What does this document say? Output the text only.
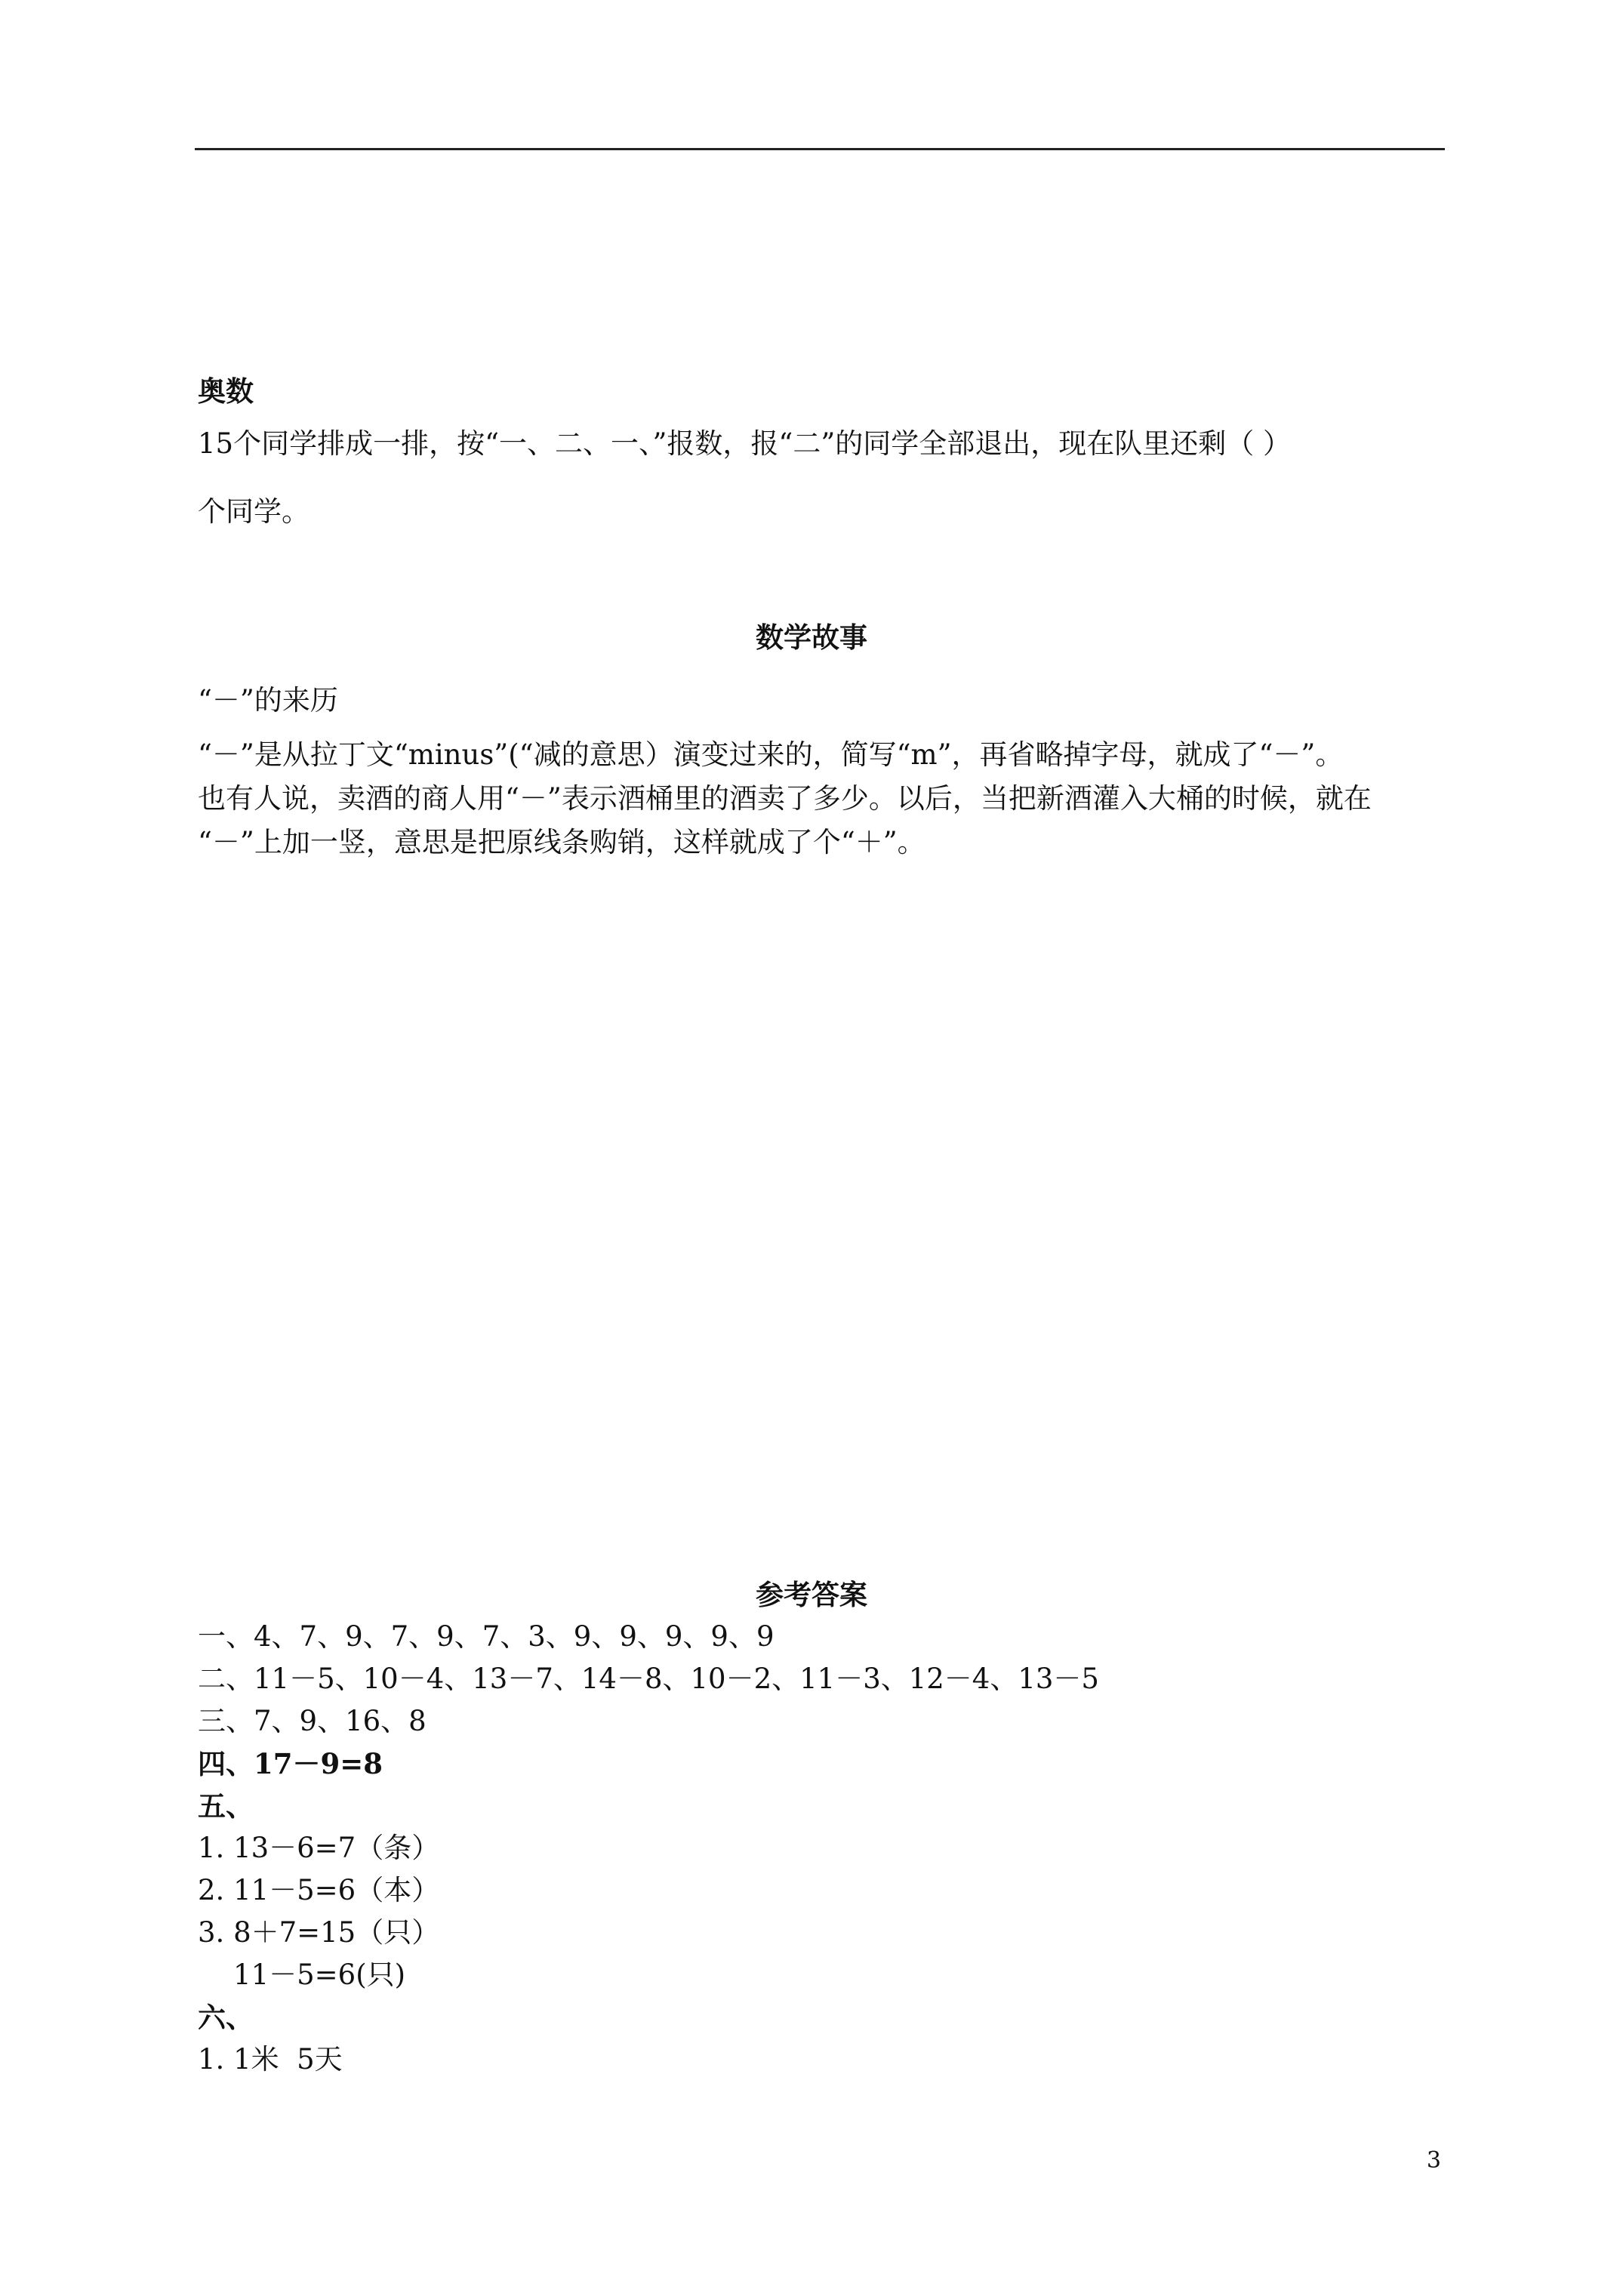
奥数
15个同学排成一排，按“一、二、一、”报数，报“二”的同学全部退出，现在队里还剩（ ）
个同学。
数学故事
“－”的来历
“－”是从拉丁文“minus”(“减的意思）演变过来的，简写“m”，再省略掉字母，就成了“－”。
也有人说，卖酒的商人用“－”表示酒桶里的酒卖了多少。以后，当把新酒灌入大桶的时候，就在
“－”上加一竖，意思是把原线条购销，这样就成了个“＋”。
参考答案
一、4、7、9、7、9、7、3、9、9、9、9、9
二、11－5、10－4、13－7、14－8、10－2、11－3、12－4、13－5
三、7、9、16、8
四、17－9=8
五、
1. 13－6=7（条）
2. 11－5=6（本）
3. 8＋7=15（只）
11－5=6(只)
六、
1. 1米  5天
3
